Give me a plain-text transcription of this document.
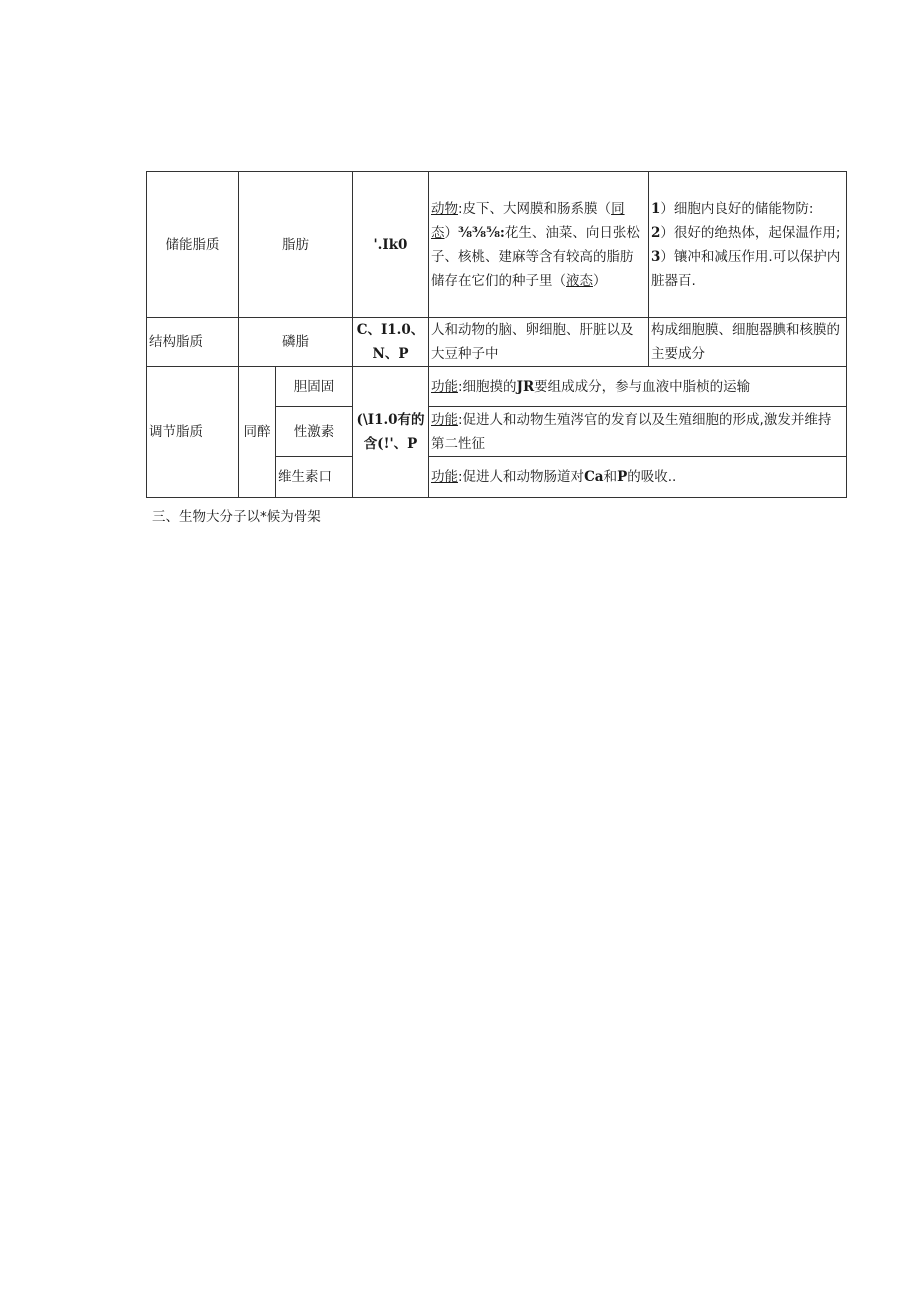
储能脂质	脂肪		'.Ik0	动物:皮下、大网膜和肠系膜（同态）⅜⅜⅝:花生、油菜、向日张松子、核桃、建麻等含有较高的脂肪储存在它们的种子里（液态）	1）细胞内良好的储能物防:
2）很好的绝热体，起保温作用;
3）镶冲和减压作用.可以保护内脏器百.

结构脂质	磷脂		C、I1.0、
N、P	人和动物的脑、卵细胞、肝脏以及大豆种子中	构成细胞膜、细胞器腆和核膜的主要成分
调节脂质	同醉	胆固固	(\I1.0有的含(!'、P	功能:细胞摸的JR要组成成分，参与血液中脂桢的运输	
		性激素		功能:促进人和动物生殖涔官的发育以及生殖细胞的形成,激发并维持第二性征	
		维生素口		功能:促进人和动物肠道对Ca和P的吸收..	
三、生物大分子以*候为骨架
